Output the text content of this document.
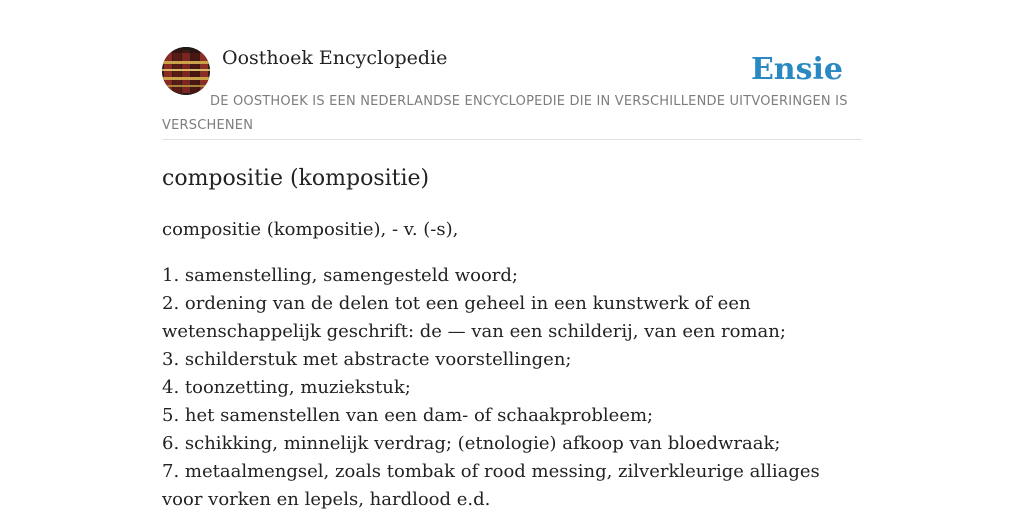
Oosthoek Encyclopedie	Ensie

DE OOSTHOEK IS EEN NEDERLANDSE ENCYCLOPEDIE DIE IN VERSCHILLENDE UITVOERINGEN IS VERSCHENEN

compositie (kompositie)

compositie (kompositie), - v. (-s),

1. samenstelling, samengesteld woord;
2. ordening van de delen tot een geheel in een kunstwerk of een wetenschappelijk geschrift: de — van een schilderij, van een roman;
3. schilderstuk met abstracte voorstellingen;
4. toonzetting, muziekstuk;
5. het samenstellen van een dam- of schaakprobleem;
6. schikking, minnelijk verdrag; (etnologie) afkoop van bloedwraak;
7. metaalmengsel, zoals tombak of rood messing, zilverkleurige alliages voor vorken en lepels, hardlood e.d.
